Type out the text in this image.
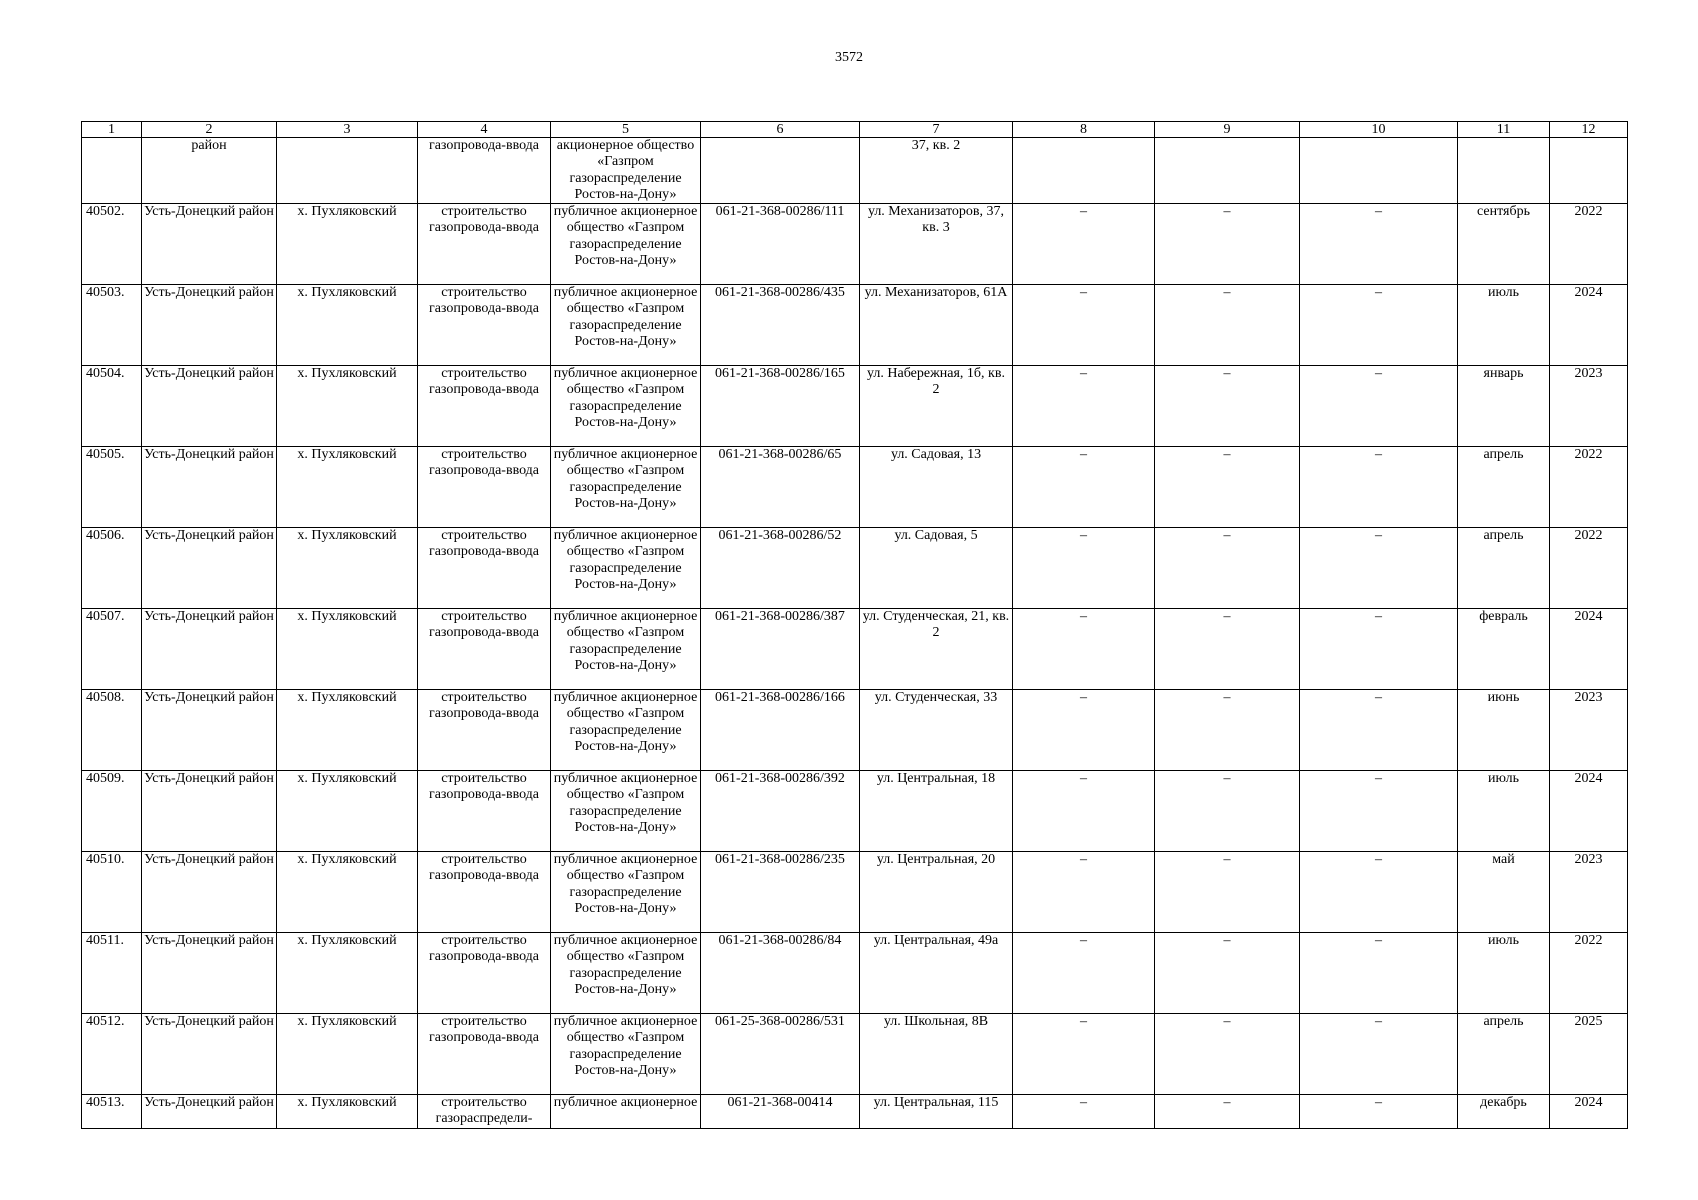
3572
1	2	3	4	5	6	7	8	9	10	11	12
	район		газопровода-ввода	акционерное общество «Газпром газораспределение Ростов-на-Дону»		37, кв. 2					
40502.	Усть-Донецкий район	х. Пухляковский	строительство газопровода-ввода	публичное акционерное общество «Газпром газораспределение Ростов-на-Дону»	061-21-368-00286/111	ул. Механизаторов, 37, кв. 3	–	–	–	сентябрь	2022
40503.	Усть-Донецкий район	х. Пухляковский	строительство газопровода-ввода	публичное акционерное общество «Газпром газораспределение Ростов-на-Дону»	061-21-368-00286/435	ул. Механизаторов, 61А	–	–	–	июль	2024
40504.	Усть-Донецкий район	х. Пухляковский	строительство газопровода-ввода	публичное акционерное общество «Газпром газораспределение Ростов-на-Дону»	061-21-368-00286/165	ул. Набережная, 1б, кв. 2	–	–	–	январь	2023
40505.	Усть-Донецкий район	х. Пухляковский	строительство газопровода-ввода	публичное акционерное общество «Газпром газораспределение Ростов-на-Дону»	061-21-368-00286/65	ул. Садовая, 13	–	–	–	апрель	2022
40506.	Усть-Донецкий район	х. Пухляковский	строительство газопровода-ввода	публичное акционерное общество «Газпром газораспределение Ростов-на-Дону»	061-21-368-00286/52	ул. Садовая, 5	–	–	–	апрель	2022
40507.	Усть-Донецкий район	х. Пухляковский	строительство газопровода-ввода	публичное акционерное общество «Газпром газораспределение Ростов-на-Дону»	061-21-368-00286/387	ул. Студенческая, 21, кв. 2	–	–	–	февраль	2024
40508.	Усть-Донецкий район	х. Пухляковский	строительство газопровода-ввода	публичное акционерное общество «Газпром газораспределение Ростов-на-Дону»	061-21-368-00286/166	ул. Студенческая, 33	–	–	–	июнь	2023
40509.	Усть-Донецкий район	х. Пухляковский	строительство газопровода-ввода	публичное акционерное общество «Газпром газораспределение Ростов-на-Дону»	061-21-368-00286/392	ул. Центральная, 18	–	–	–	июль	2024
40510.	Усть-Донецкий район	х. Пухляковский	строительство газопровода-ввода	публичное акционерное общество «Газпром газораспределение Ростов-на-Дону»	061-21-368-00286/235	ул. Центральная, 20	–	–	–	май	2023
40511.	Усть-Донецкий район	х. Пухляковский	строительство газопровода-ввода	публичное акционерное общество «Газпром газораспределение Ростов-на-Дону»	061-21-368-00286/84	ул. Центральная, 49а	–	–	–	июль	2022
40512.	Усть-Донецкий район	х. Пухляковский	строительство газопровода-ввода	публичное акционерное общество «Газпром газораспределение Ростов-на-Дону»	061-25-368-00286/531	ул. Школьная, 8В	–	–	–	апрель	2025
40513.	Усть-Донецкий район	х. Пухляковский	строительство газораспредели-	публичное акционерное	061-21-368-00414	ул. Центральная, 115	–	–	–	декабрь	2024
